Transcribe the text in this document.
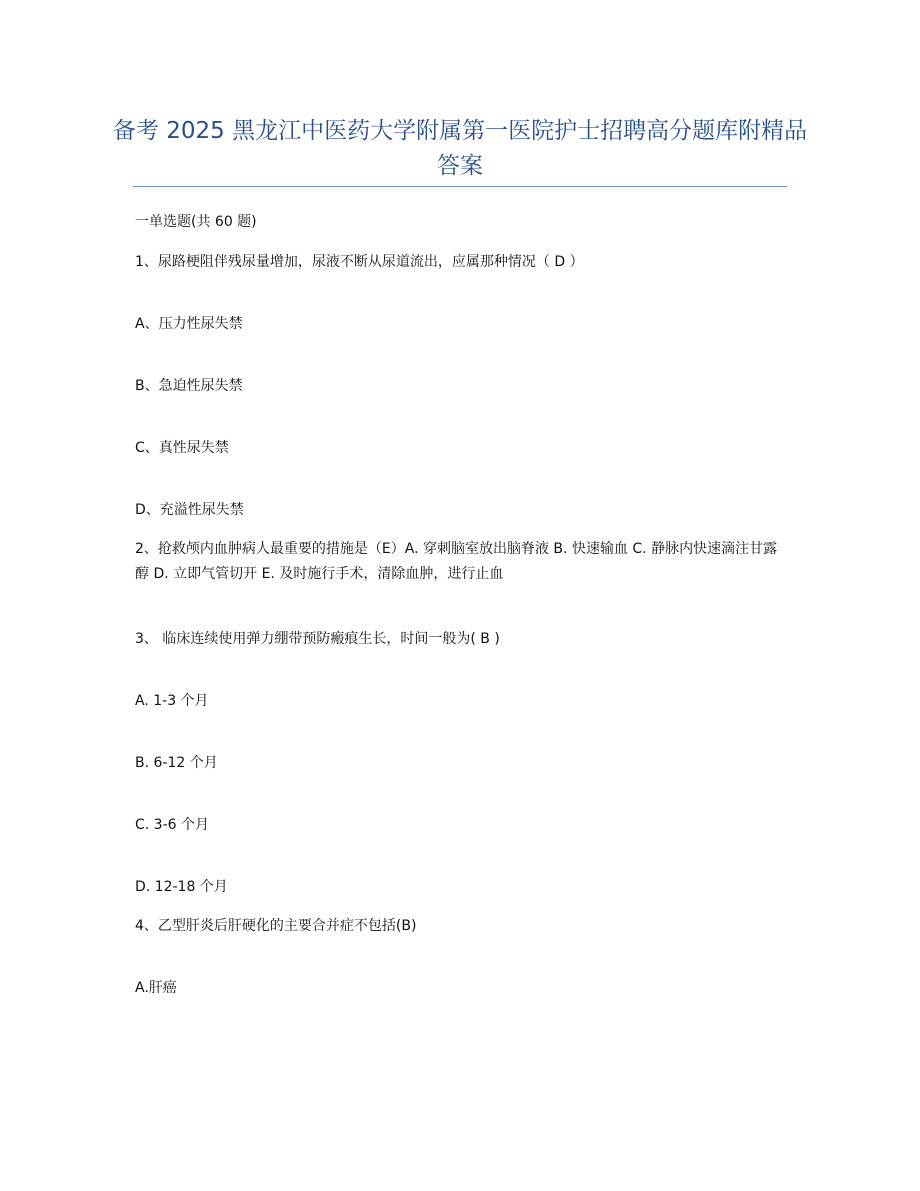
备考 2025 黑龙江中医药大学附属第一医院护士招聘高分题库附精品答案
一单选题(共 60 题)
1、尿路梗阻伴残尿量增加，尿液不断从尿道流出，应属那种情况（ D ）
A、压力性尿失禁
B、急迫性尿失禁
C、真性尿失禁
D、充溢性尿失禁
2、抢救颅内血肿病人最重要的措施是（E）A. 穿刺脑室放出脑脊液 B. 快速输血 C. 静脉内快速滴注甘露醇 D. 立即气管切开 E. 及时施行手术，清除血肿，进行止血
3、 临床连续使用弹力绷带预防瘢痕生长，时间一般为( B )
A. 1-3 个月
B. 6-12 个月
C. 3-6 个月
D. 12-18 个月
4、乙型肝炎后肝硬化的主要合并症不包括(B)
A.肝癌
